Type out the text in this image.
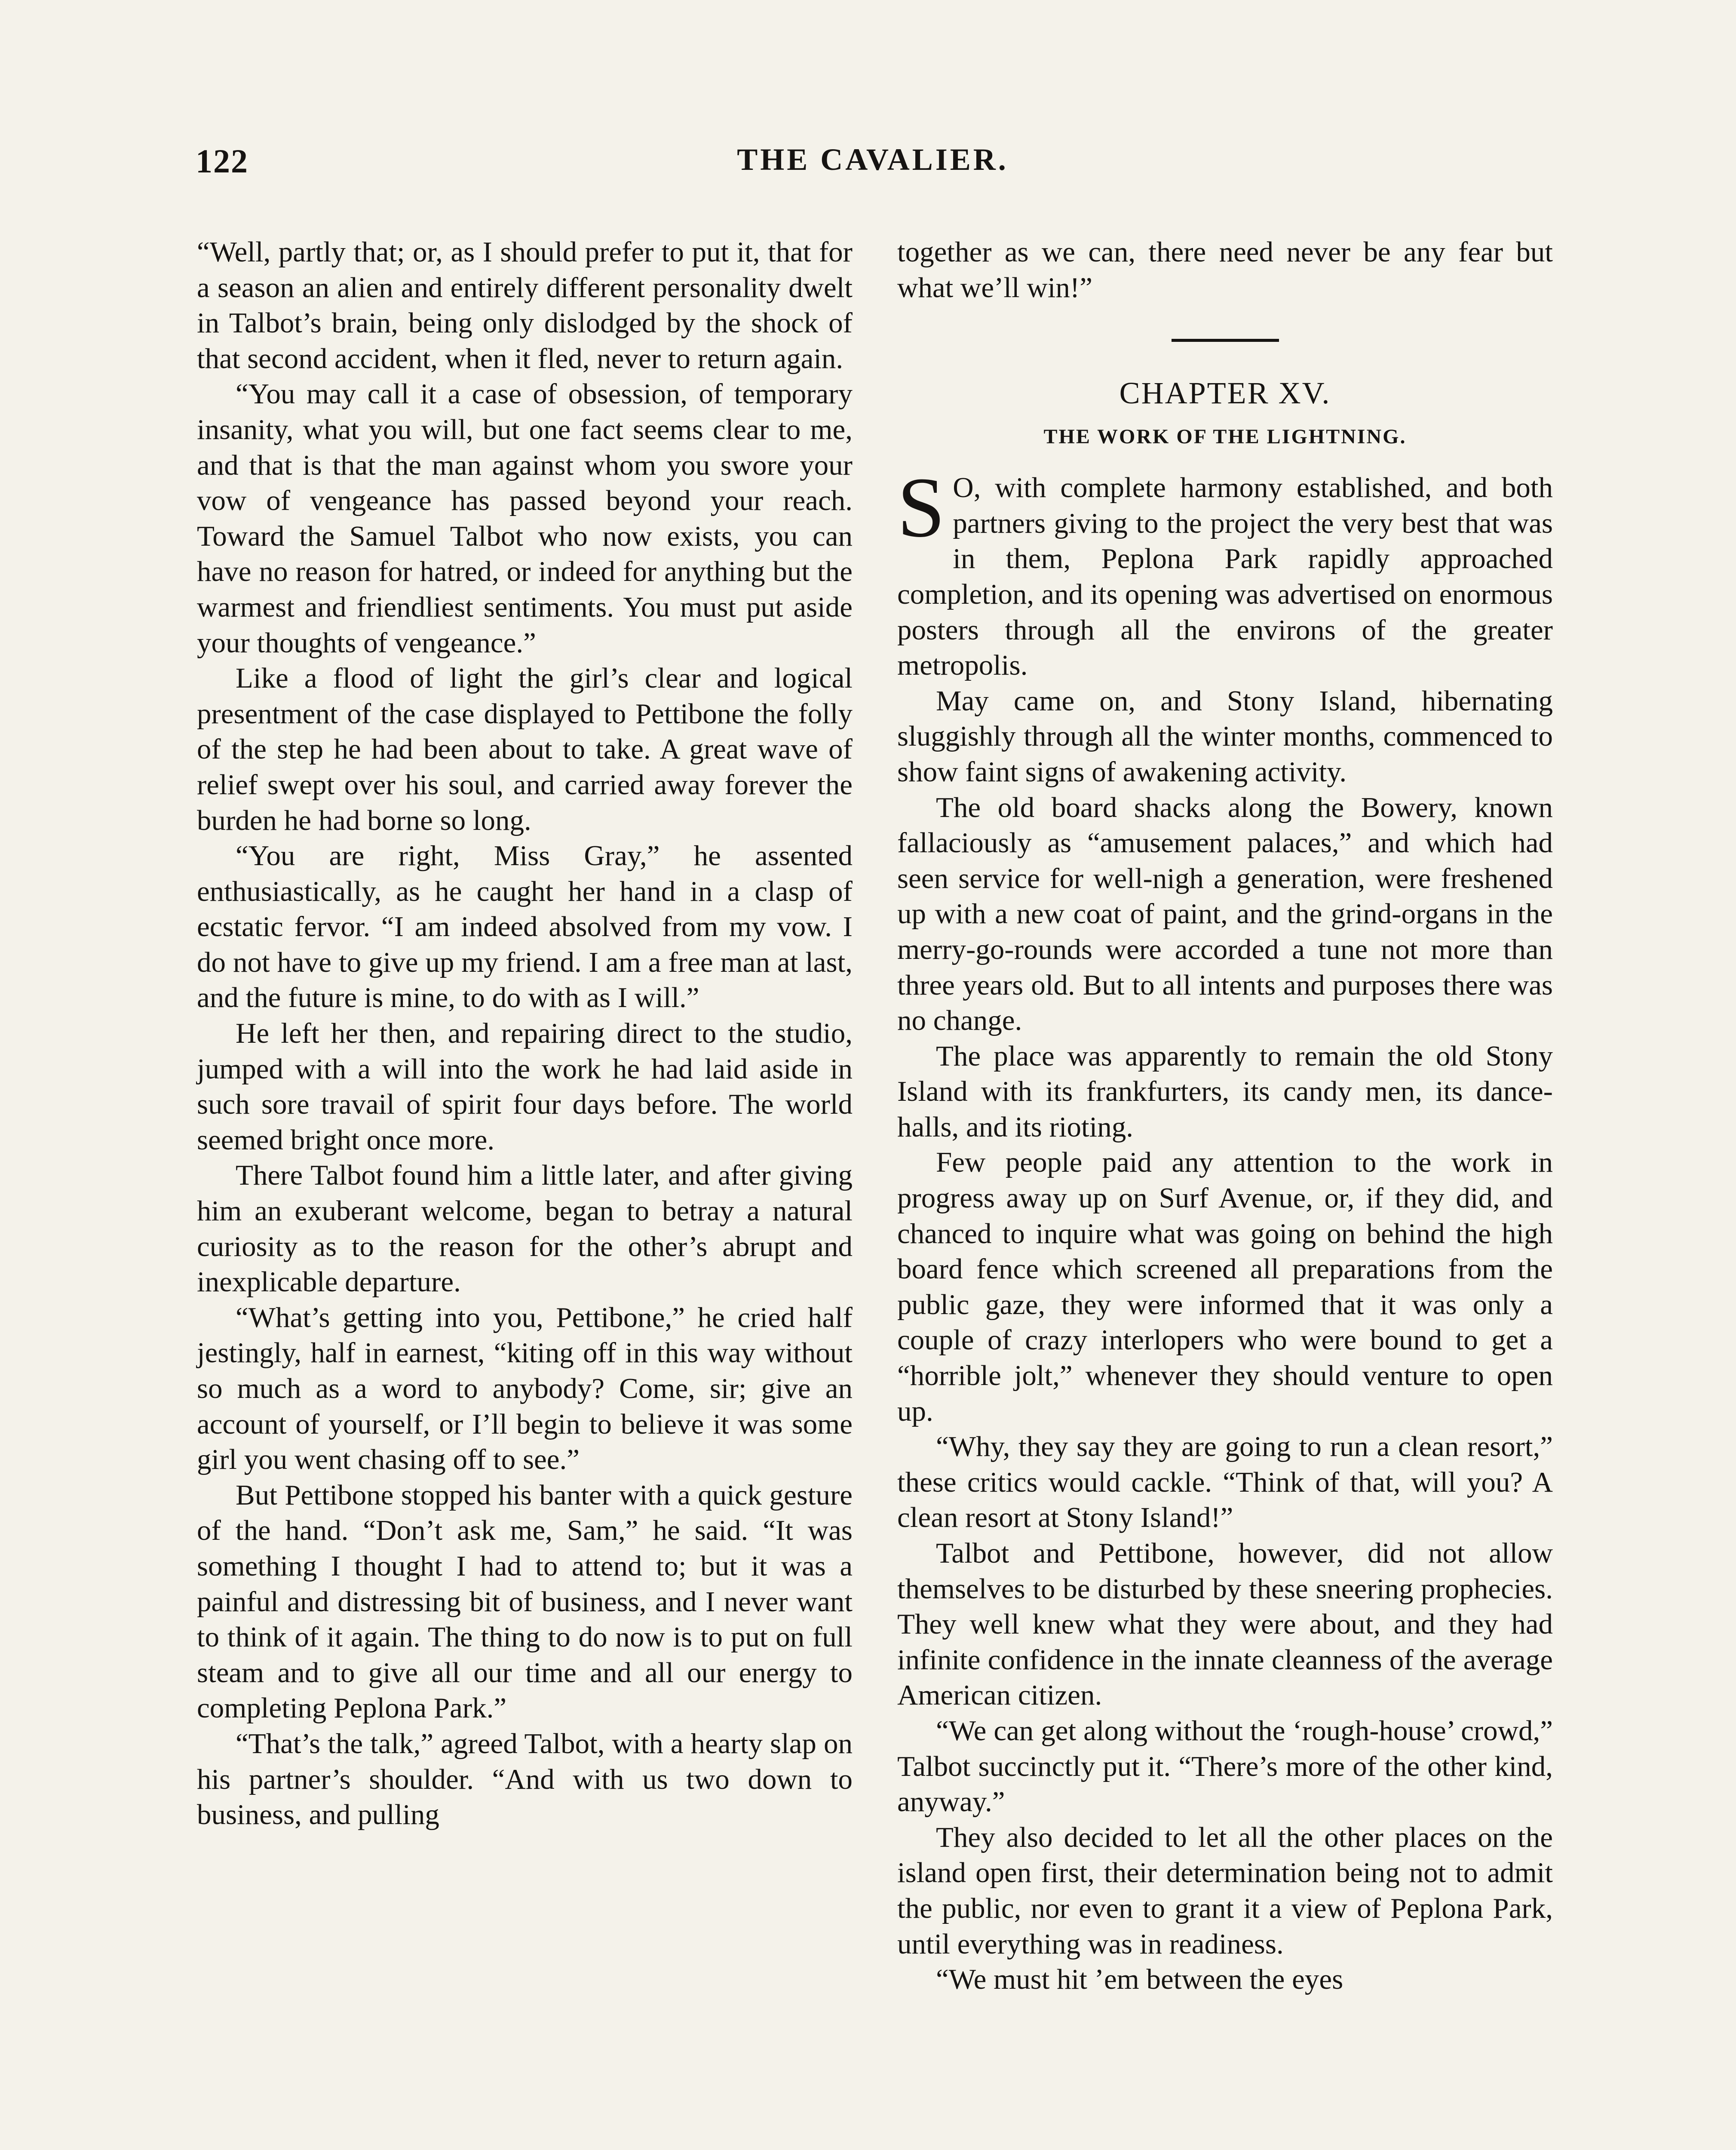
122	THE CAVALIER.

“Well, partly that; or, as I should prefer to put it, that for a season an alien and entirely different personality dwelt in Talbot’s brain, being only dislodged by the shock of that second accident, when it fled, never to return again.

“You may call it a case of obsession, of temporary insanity, what you will, but one fact seems clear to me, and that is that the man against whom you swore your vow of vengeance has passed beyond your reach. Toward the Samuel Talbot who now exists, you can have no reason for hatred, or indeed for anything but the warmest and friendliest sentiments. You must put aside your thoughts of vengeance.”

Like a flood of light the girl’s clear and logical presentment of the case displayed to Pettibone the folly of the step he had been about to take. A great wave of relief swept over his soul, and carried away forever the burden he had borne so long.

“You are right, Miss Gray,” he assented enthusiastically, as he caught her hand in a clasp of ecstatic fervor. “I am indeed absolved from my vow. I do not have to give up my friend. I am a free man at last, and the future is mine, to do with as I will.”

He left her then, and repairing direct to the studio, jumped with a will into the work he had laid aside in such sore travail of spirit four days before. The world seemed bright once more.

There Talbot found him a little later, and after giving him an exuberant welcome, began to betray a natural curiosity as to the reason for the other’s abrupt and inexplicable departure.

“What’s getting into you, Pettibone,” he cried half jestingly, half in earnest, “kiting off in this way without so much as a word to anybody? Come, sir; give an account of yourself, or I’ll begin to believe it was some girl you went chasing off to see.”

But Pettibone stopped his banter with a quick gesture of the hand. “Don’t ask me, Sam,” he said. “It was something I thought I had to attend to; but it was a painful and distressing bit of business, and I never want to think of it again. The thing to do now is to put on full steam and to give all our time and all our energy to completing Peplona Park.”

“That’s the talk,” agreed Talbot, with a hearty slap on his partner’s shoulder. “And with us two down to business, and pulling

together as we can, there need never be any fear but what we’ll win!”

CHAPTER XV.
THE WORK OF THE LIGHTNING.

S O, with complete harmony established, and both partners giving to the project the very best that was in them, Peplona Park rapidly approached completion, and its opening was advertised on enormous posters through all the environs of the greater metropolis.

May came on, and Stony Island, hibernating sluggishly through all the winter months, commenced to show faint signs of awakening activity.

The old board shacks along the Bowery, known fallaciously as “amusement palaces,” and which had seen service for well-nigh a generation, were freshened up with a new coat of paint, and the grind-organs in the merry-go-rounds were accorded a tune not more than three years old. But to all intents and purposes there was no change.

The place was apparently to remain the old Stony Island with its frankfurters, its candy men, its dance-halls, and its rioting.

Few people paid any attention to the work in progress away up on Surf Avenue, or, if they did, and chanced to inquire what was going on behind the high board fence which screened all preparations from the public gaze, they were informed that it was only a couple of crazy interlopers who were bound to get a “horrible jolt,” whenever they should venture to open up.

“Why, they say they are going to run a clean resort,” these critics would cackle. “Think of that, will you? A clean resort at Stony Island!”

Talbot and Pettibone, however, did not allow themselves to be disturbed by these sneering prophecies. They well knew what they were about, and they had infinite confidence in the innate cleanness of the average American citizen.

“We can get along without the ‘rough-house’ crowd,” Talbot succinctly put it. “There’s more of the other kind, anyway.”

They also decided to let all the other places on the island open first, their determination being not to admit the public, nor even to grant it a view of Peplona Park, until everything was in readiness.

“We must hit ’em between the eyes
